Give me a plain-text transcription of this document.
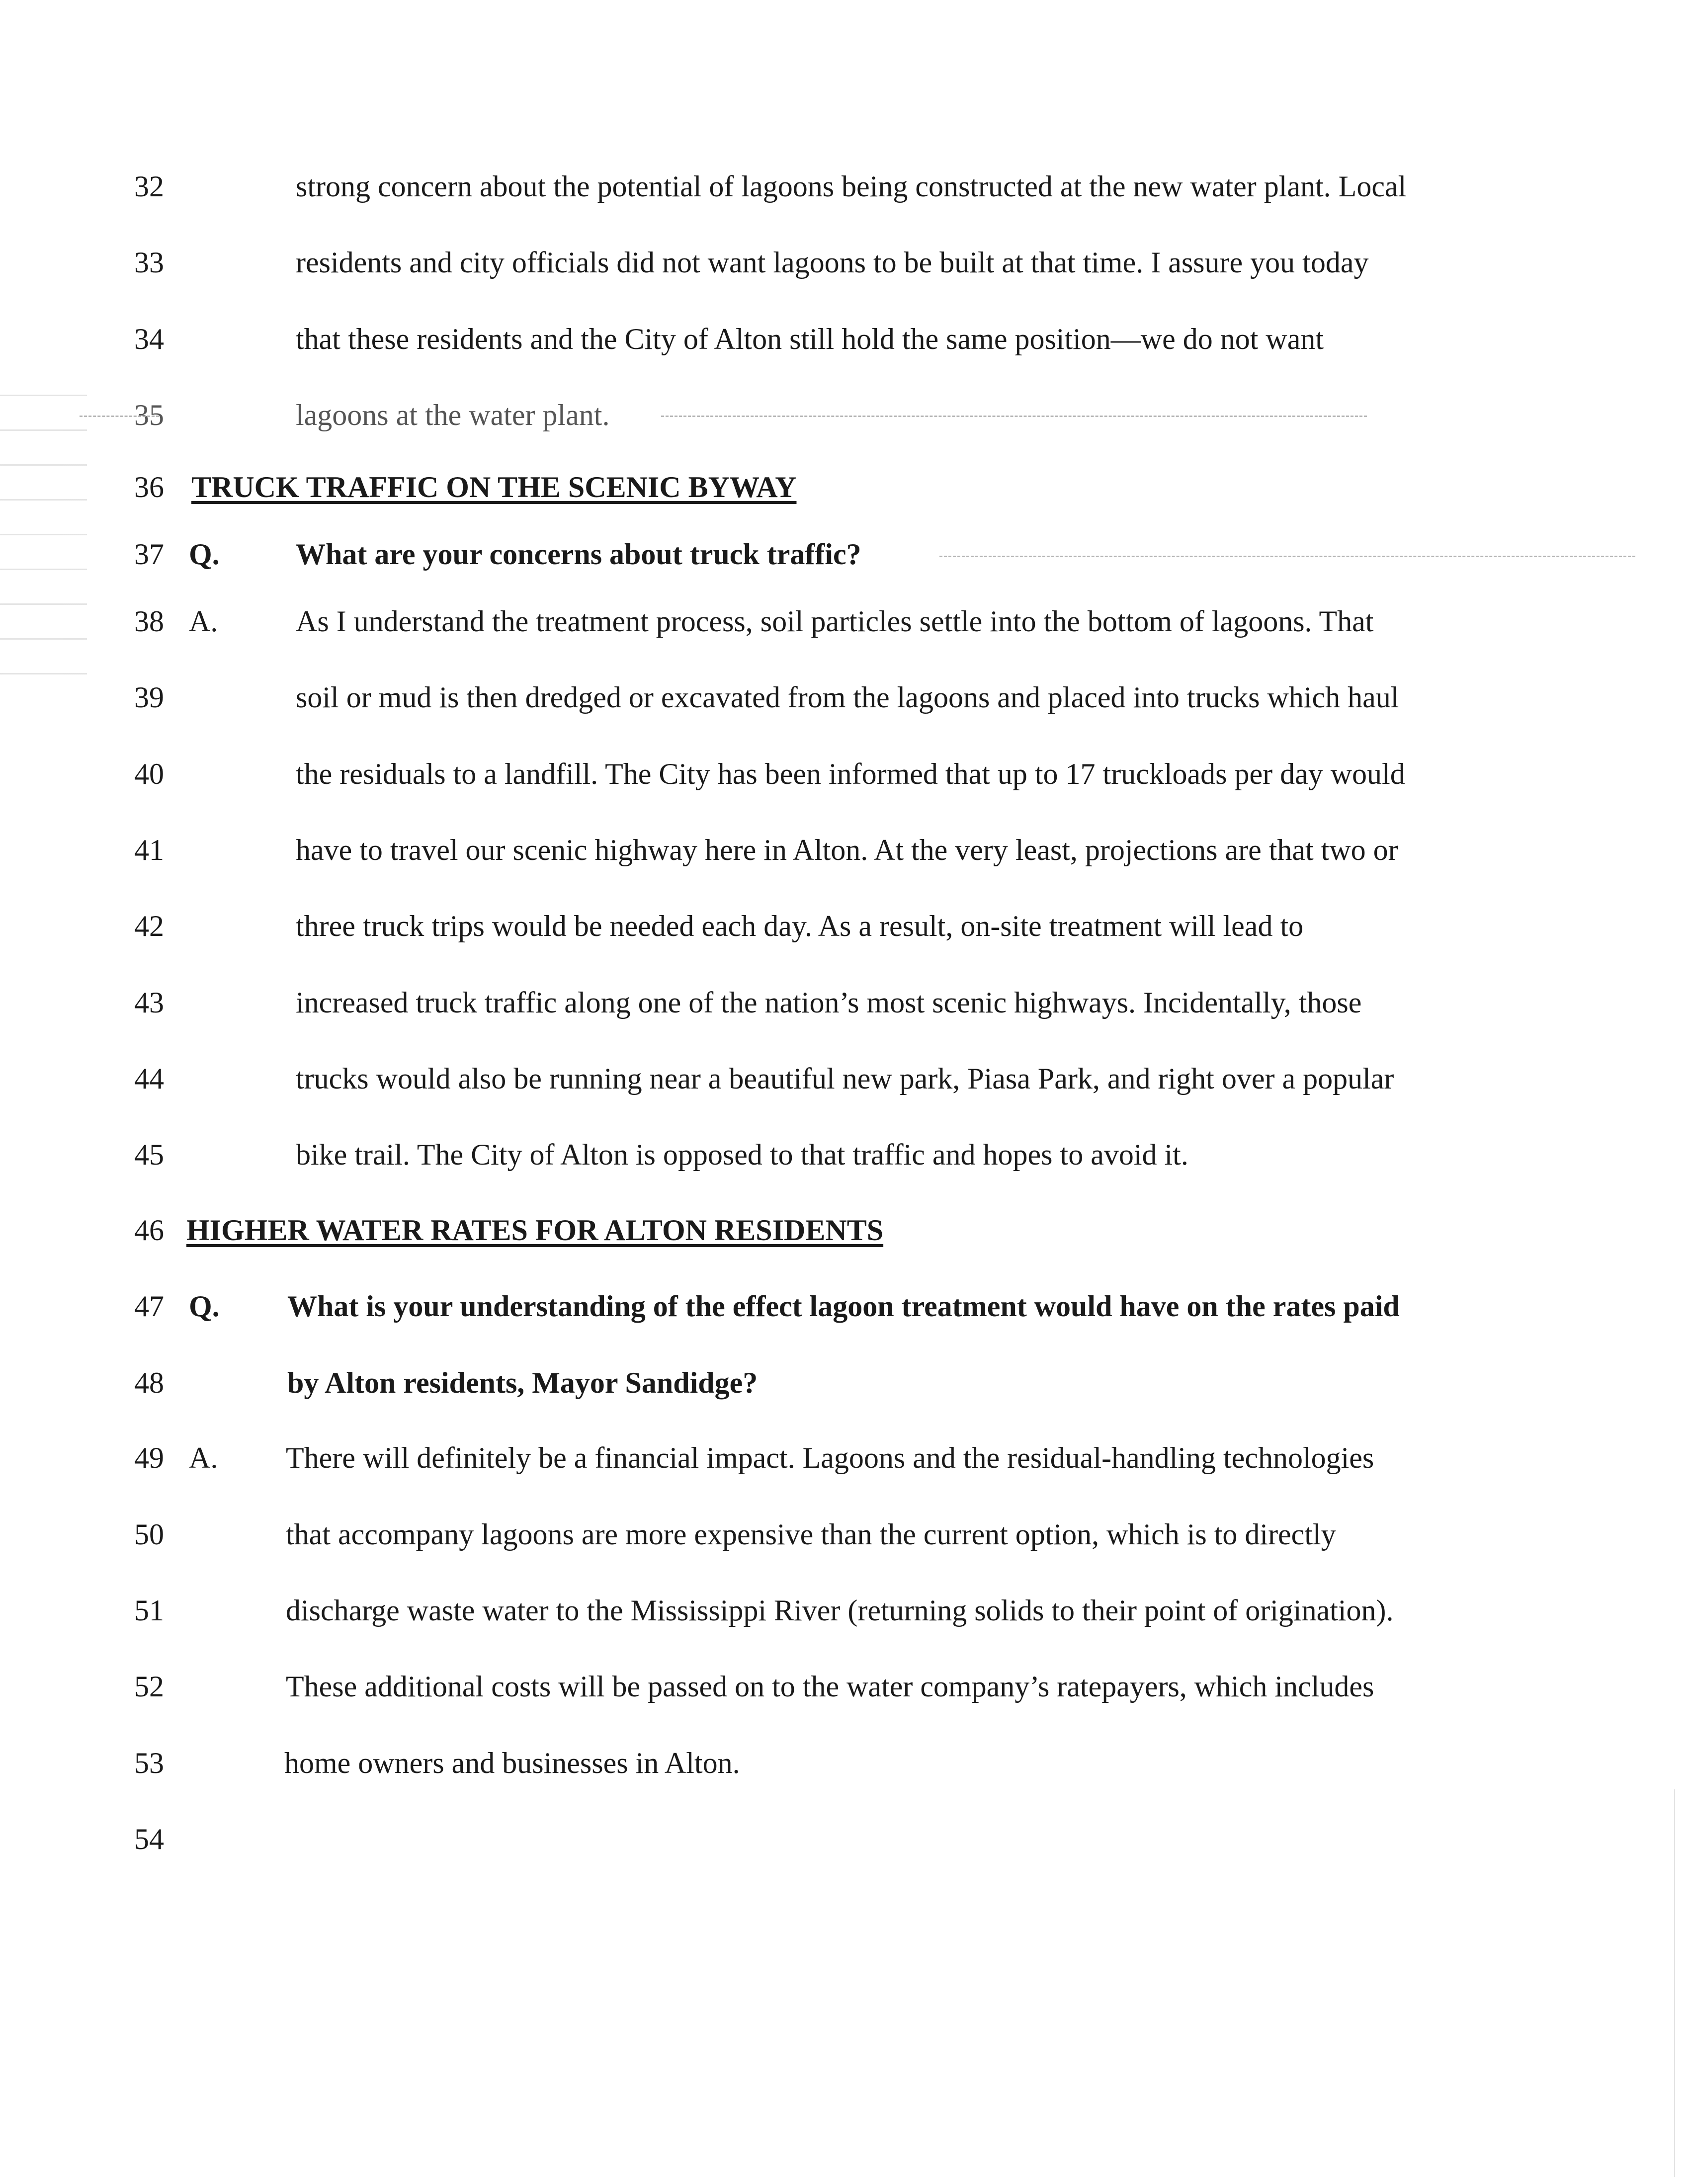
32	strong concern about the potential of lagoons being constructed at the new water plant. Local
33	residents and city officials did not want lagoons to be built at that time. I assure you today
34	that these residents and the City of Alton still hold the same position—we do not want
35	lagoons at the water plant.
36 TRUCK TRAFFIC ON THE SCENIC BYWAY
37 Q.	What are your concerns about truck traffic?
38 A.	As I understand the treatment process, soil particles settle into the bottom of lagoons. That
39	soil or mud is then dredged or excavated from the lagoons and placed into trucks which haul
40	the residuals to a landfill. The City has been informed that up to 17 truckloads per day would
41	have to travel our scenic highway here in Alton. At the very least, projections are that two or
42	three truck trips would be needed each day. As a result, on-site treatment will lead to
43	increased truck traffic along one of the nation’s most scenic highways. Incidentally, those
44	trucks would also be running near a beautiful new park, Piasa Park, and right over a popular
45	bike trail. The City of Alton is opposed to that traffic and hopes to avoid it.
46 HIGHER WATER RATES FOR ALTON RESIDENTS
47 Q. What is your understanding of the effect lagoon treatment would have on the rates paid
48	by Alton residents, Mayor Sandidge?
49 A. There will definitely be a financial impact. Lagoons and the residual-handling technologies
50	that accompany lagoons are more expensive than the current option, which is to directly
51	discharge waste water to the Mississippi River (returning solids to their point of origination).
52	These additional costs will be passed on to the water company’s ratepayers, which includes
53	home owners and businesses in Alton.
54
